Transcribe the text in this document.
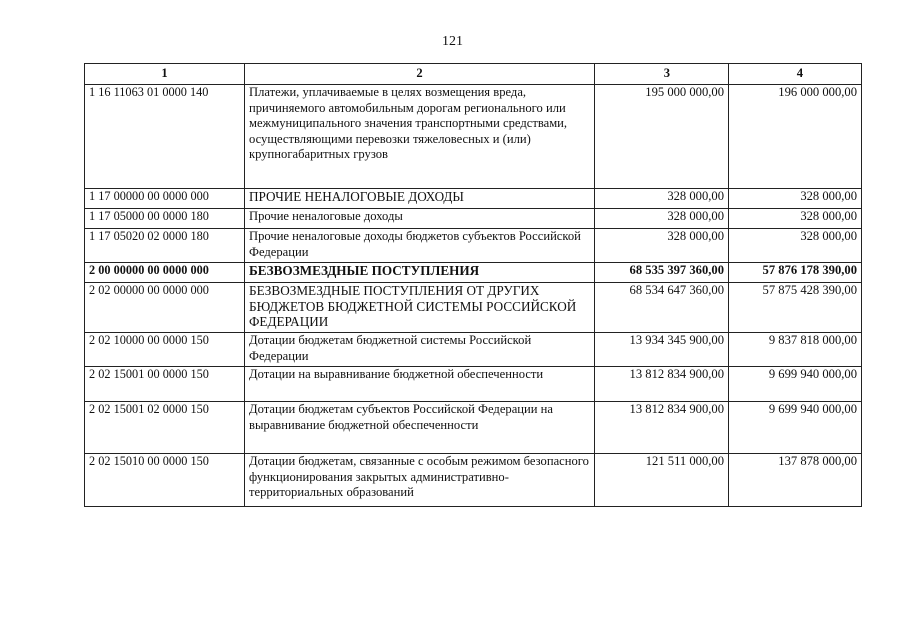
121
1	2	3	4
1 16 11063 01 0000 140	Платежи, уплачиваемые в целях возмещения вреда, причиняемого автомобильным дорогам регионального или межмуниципального значения транспортными средствами, осуществляющими перевозки тяжеловесных и (или) крупногабаритных грузов	195 000 000,00	196 000 000,00
1 17 00000 00 0000 000	ПРОЧИЕ НЕНАЛОГОВЫЕ ДОХОДЫ	328 000,00	328 000,00
1 17 05000 00 0000 180	Прочие неналоговые доходы	328 000,00	328 000,00
1 17 05020 02 0000 180	Прочие неналоговые доходы бюджетов субъектов Российской Федерации	328 000,00	328 000,00
2 00 00000 00 0000 000	БЕЗВОЗМЕЗДНЫЕ ПОСТУПЛЕНИЯ	68 535 397 360,00	57 876 178 390,00
2 02 00000 00 0000 000	БЕЗВОЗМЕЗДНЫЕ ПОСТУПЛЕНИЯ ОТ ДРУГИХ БЮДЖЕТОВ БЮДЖЕТНОЙ СИСТЕМЫ РОССИЙСКОЙ ФЕДЕРАЦИИ	68 534 647 360,00	57 875 428 390,00
2 02 10000 00 0000 150	Дотации бюджетам бюджетной системы Российской Федерации	13 934 345 900,00	9 837 818 000,00
2 02 15001 00 0000 150	Дотации на выравнивание бюджетной обеспеченности	13 812 834 900,00	9 699 940 000,00
2 02 15001 02 0000 150	Дотации бюджетам субъектов Российской Федерации на выравнивание бюджетной обеспеченности	13 812 834 900,00	9 699 940 000,00
2 02 15010 00 0000 150	Дотации бюджетам, связанные с особым режимом безопасного функционирования закрытых административно-территориальных образований	121 511 000,00	137 878 000,00
